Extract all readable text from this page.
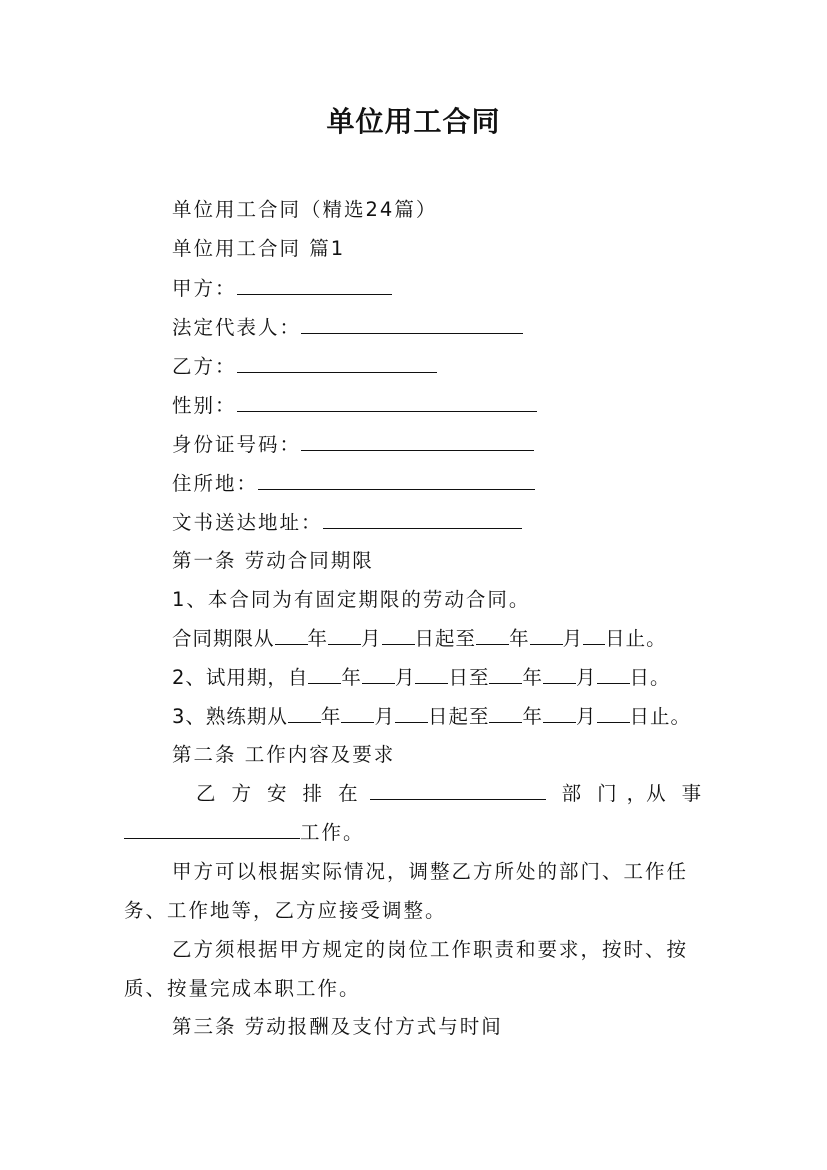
单位用工合同
单位用工合同（精选24篇）
单位用工合同 篇1
甲方：
法定代表人：
乙方：
性别：
身份证号码：
住所地：
文书送达地址：
第一条 劳动合同期限
1、本合同为有固定期限的劳动合同。
合同期限从 年 月 日起至 年 月 日止。
2、试用期，自 年 月 日至 年 月 日。
3、熟练期从 年 月 日起至 年 月 日止。
第二条 工作内容及要求
乙 方 安 排 在	部 门 ，从 事
工作。
甲方可以根据实际情况，调整乙方所处的部门、工作任
务、工作地等，乙方应接受调整。
乙方须根据甲方规定的岗位工作职责和要求，按时、按
质、按量完成本职工作。
第三条 劳动报酬及支付方式与时间
